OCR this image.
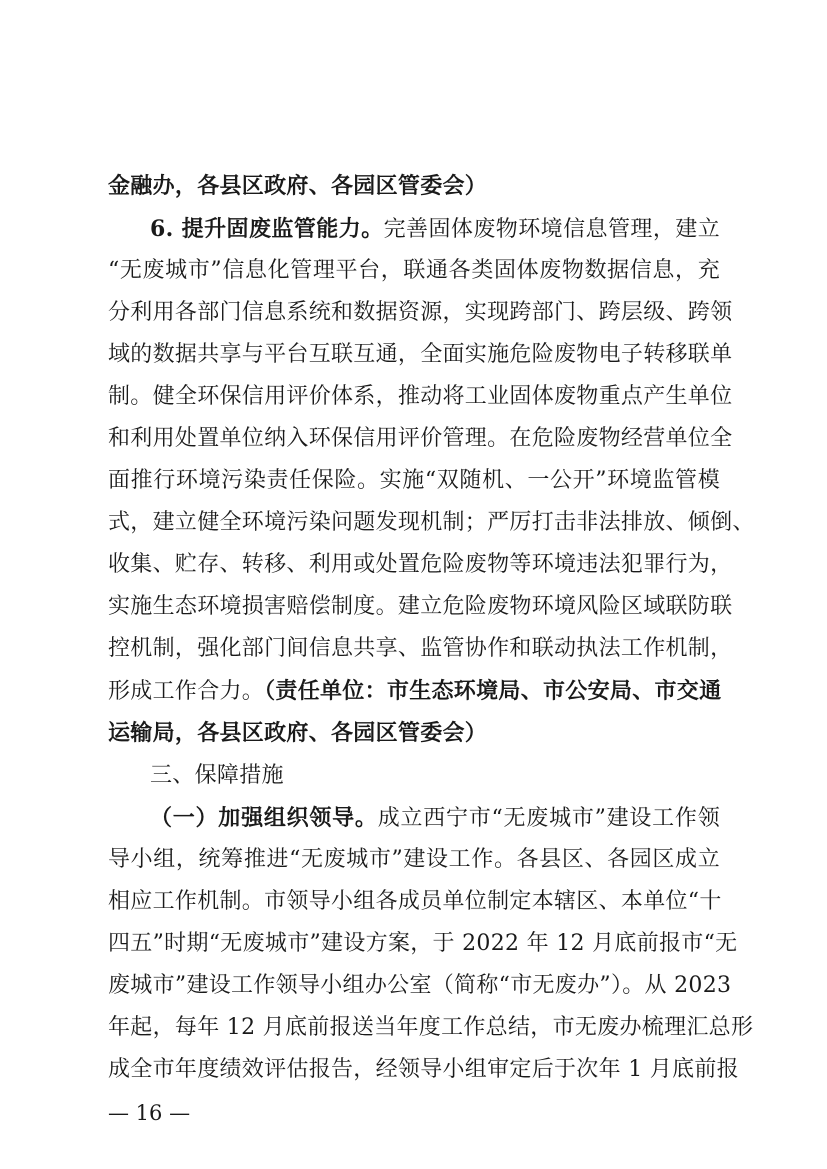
金融办，各县区政府、各园区管委会）
6. 提升固废监管能力。完善固体废物环境信息管理，建立
“无废城市”信息化管理平台，联通各类固体废物数据信息，充
分利用各部门信息系统和数据资源，实现跨部门、跨层级、跨领
域的数据共享与平台互联互通，全面实施危险废物电子转移联单
制。健全环保信用评价体系，推动将工业固体废物重点产生单位
和利用处置单位纳入环保信用评价管理。在危险废物经营单位全
面推行环境污染责任保险。实施“双随机、一公开”环境监管模
式，建立健全环境污染问题发现机制；严厉打击非法排放、倾倒、
收集、贮存、转移、利用或处置危险废物等环境违法犯罪行为，
实施生态环境损害赔偿制度。建立危险废物环境风险区域联防联
控机制，强化部门间信息共享、监管协作和联动执法工作机制，
形成工作合力。（责任单位：市生态环境局、市公安局、市交通
运输局，各县区政府、各园区管委会）
三、保障措施
（一）加强组织领导。成立西宁市“无废城市”建设工作领
导小组，统筹推进“无废城市”建设工作。各县区、各园区成立
相应工作机制。市领导小组各成员单位制定本辖区、本单位“十
四五”时期“无废城市”建设方案，于 2022 年 12 月底前报市“无
废城市”建设工作领导小组办公室（简称“市无废办”）。从 2023
年起，每年 12 月底前报送当年度工作总结，市无废办梳理汇总形
成全市年度绩效评估报告，经领导小组审定后于次年 1 月底前报
— 16 —
